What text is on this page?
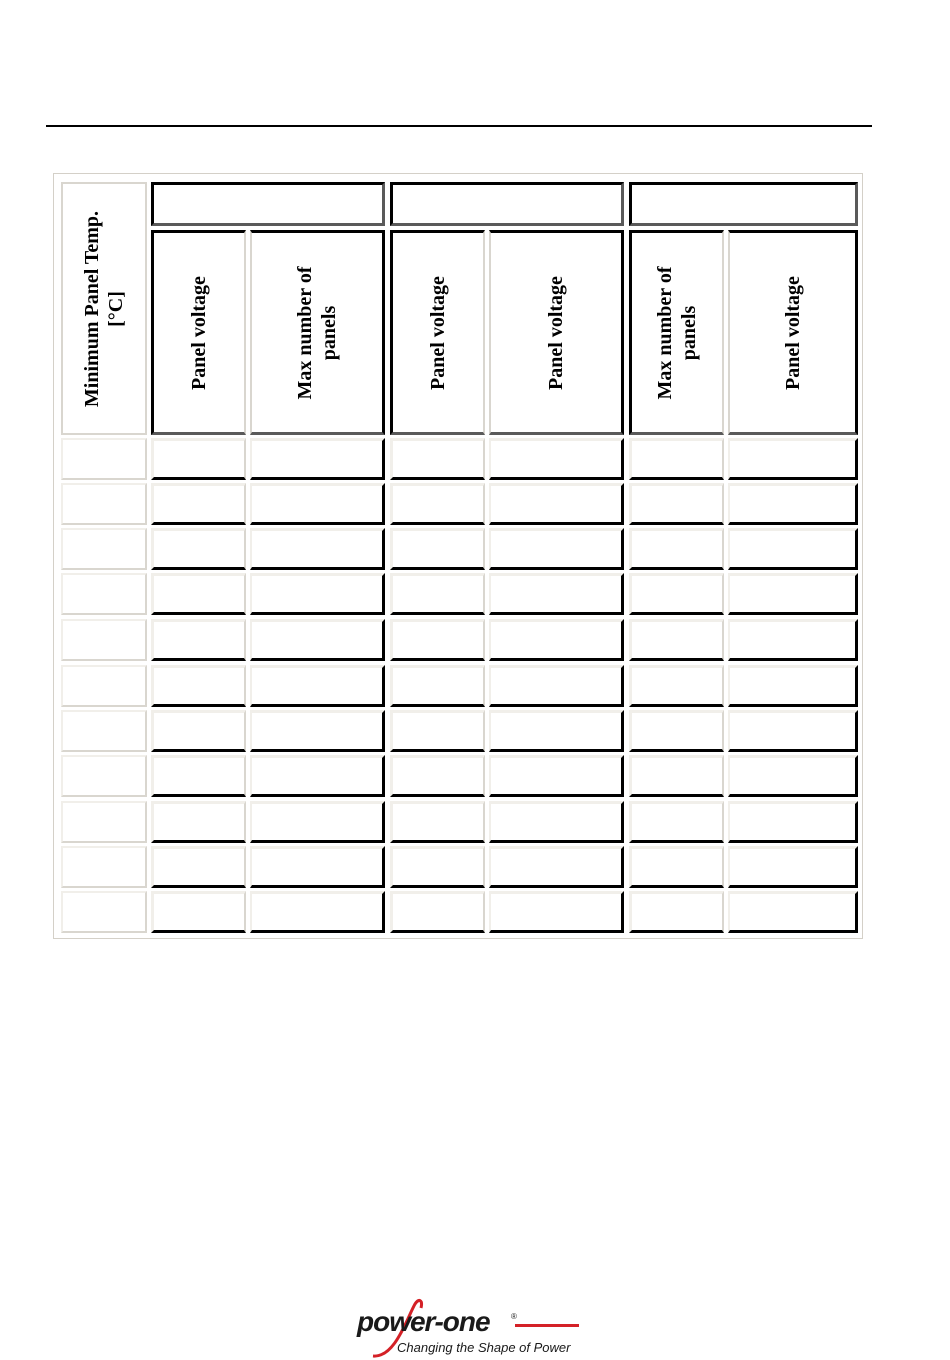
Minimum Panel Temp.[°C]	Panel voltage	Max number of panels	Panel voltage	Panel voltage	Max number of panels	Panel voltage
power-one	®
Changing the Shape of Power
